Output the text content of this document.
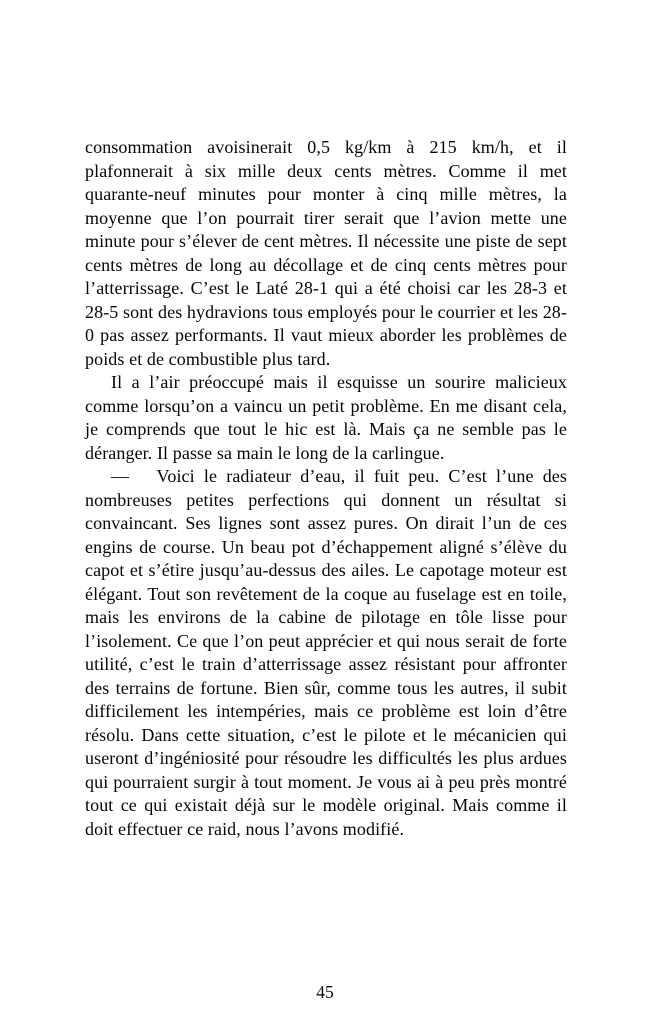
consommation avoisinerait 0,5 kg/km à 215 km/h, et il plafonnerait à six mille deux cents mètres. Comme il met quarante-neuf minutes pour monter à cinq mille mètres, la moyenne que l’on pourrait tirer serait que l’avion mette une minute pour s’élever de cent mètres. Il nécessite une piste de sept cents mètres de long au décollage et de cinq cents mètres pour l’atterrissage. C’est le Laté 28-1 qui a été choisi car les 28-3 et 28-5 sont des hydravions tous employés pour le courrier et les 28-0 pas assez performants. Il vaut mieux aborder les problèmes de poids et de combustible plus tard.

Il a l’air préoccupé mais il esquisse un sourire malicieux comme lorsqu’on a vaincu un petit problème. En me disant cela, je comprends que tout le hic est là. Mais ça ne semble pas le déranger. Il passe sa main le long de la carlingue.

—   Voici le radiateur d’eau, il fuit peu. C’est l’une des nombreuses petites perfections qui donnent un résultat si convaincant. Ses lignes sont assez pures. On dirait l’un de ces engins de course. Un beau pot d’échappement aligné s’élève du capot et s’étire jusqu’au-dessus des ailes. Le capotage moteur est élégant. Tout son revêtement de la coque au fuselage est en toile, mais les environs de la cabine de pilotage en tôle lisse pour l’isolement. Ce que l’on peut apprécier et qui nous serait de forte utilité, c’est le train d’atterrissage assez résistant pour affronter des terrains de fortune. Bien sûr, comme tous les autres, il subit difficilement les intempéries, mais ce problème est loin d’être résolu. Dans cette situation, c’est le pilote et le mécanicien qui useront d’ingéniosité pour résoudre les difficultés les plus ardues qui pourraient surgir à tout moment. Je vous ai à peu près montré tout ce qui existait déjà sur le modèle original. Mais comme il doit effectuer ce raid, nous l’avons modifié.

45
